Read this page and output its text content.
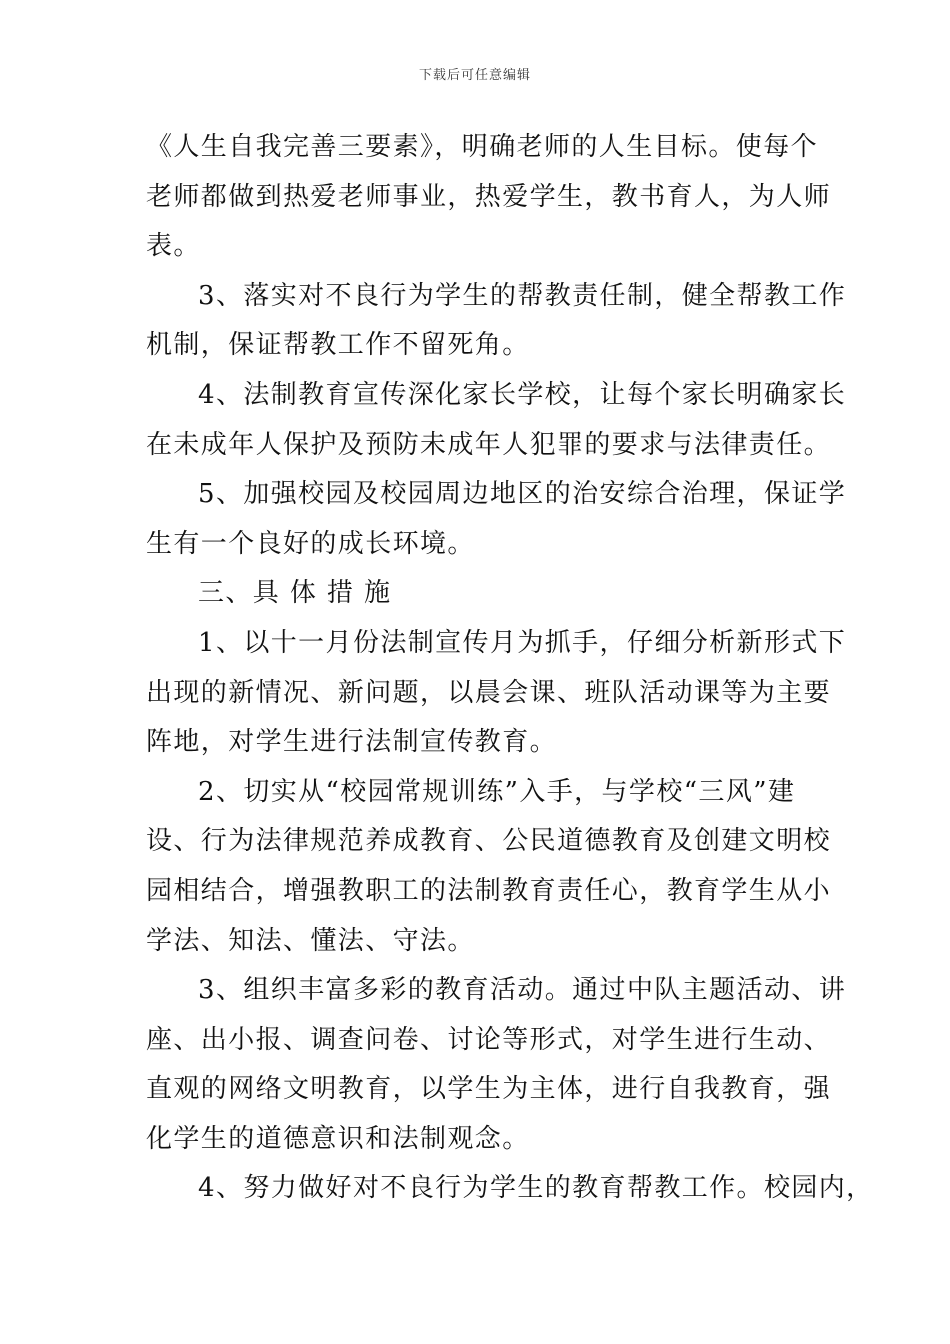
下载后可任意编辑
《人生自我完善三要素》，明确老师的人生目标。使每个
老师都做到热爱老师事业，热爱学生，教书育人，为人师
表。
3、落实对不良行为学生的帮教责任制，健全帮教工作
机制，保证帮教工作不留死角。
4、法制教育宣传深化家长学校，让每个家长明确家长
在未成年人保护及预防未成年人犯罪的要求与法律责任。
5、加强校园及校园周边地区的治安综合治理，保证学
生有一个良好的成长环境。
三、具 体 措 施
1、以十一月份法制宣传月为抓手，仔细分析新形式下
出现的新情况、新问题，以晨会课、班队活动课等为主要
阵地，对学生进行法制宣传教育。
2、切实从“校园常规训练”入手，与学校“三风”建
设、行为法律规范养成教育、公民道德教育及创建文明校
园相结合，增强教职工的法制教育责任心，教育学生从小
学法、知法、懂法、守法。
3、组织丰富多彩的教育活动。通过中队主题活动、讲
座、出小报、调查问卷、讨论等形式，对学生进行生动、
直观的网络文明教育，以学生为主体，进行自我教育，强
化学生的道德意识和法制观念。
4、努力做好对不良行为学生的教育帮教工作。校园内，
